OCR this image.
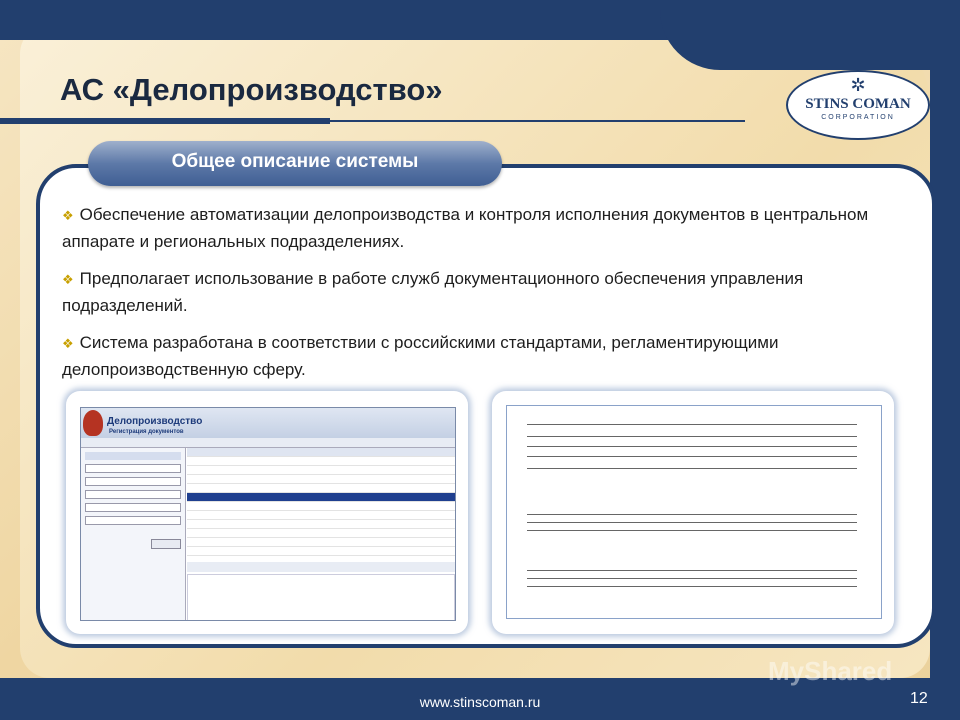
АС «Делопроизводство»	✲
STINS COMAN
CORPORATION
Общее описание системы

❖ Обеспечение автоматизации делопроизводства и контроля исполнения документов в центральном аппарате и региональных подразделениях.

❖ Предполагает использование в работе служб документационного обеспечения управления подразделений.

❖ Система разработана в соответствии с российскими стандартами, регламентирующими делопроизводственную сферу.

Делопроизводство
Регистрация документов
MyShared
www.stinscoman.ru	12
